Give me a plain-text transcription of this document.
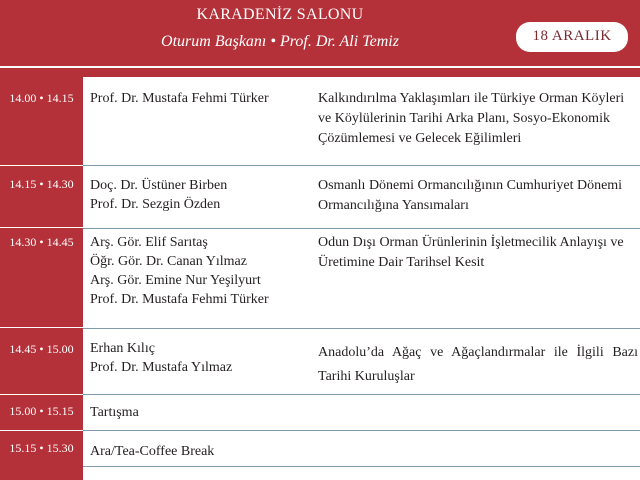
KARADENİZ SALONU
Oturum Başkanı • Prof. Dr. Ali Temiz	18 ARALIK
14.00 • 14.15
14.15 • 14.30
14.30 • 14.45
14.45 • 15.00
15.00 • 15.15
15.15 • 15.30
Prof. Dr. Mustafa Fehmi Türker	Kalkındırılma Yaklaşımları ile Türkiye Orman Köyleri ve Köylülerinin Tarihi Arka Planı, Sosyo-Ekonomik Çözümlemesi ve Gelecek Eğilimleri
Doç. Dr. Üstüner Birben
Prof. Dr. Sezgin Özden
Osmanlı Dönemi Ormancılığının Cumhuriyet Dönemi Ormancılığına Yansımaları
Arş. Gör. Elif Sarıtaş
Öğr. Gör. Dr. Canan Yılmaz
Arş. Gör. Emine Nur Yeşilyurt
Prof. Dr. Mustafa Fehmi Türker
Odun Dışı Orman Ürünlerinin İşletmecilik Anlayışı ve Üretimine Dair Tarihsel Kesit
Erhan Kılıç
Prof. Dr. Mustafa Yılmaz
Anadolu’da Ağaç ve Ağaçlandırmalar ile İlgili Bazı Tarihi Kuruluşlar
Tartışma
Ara/Tea-Coffee Break
